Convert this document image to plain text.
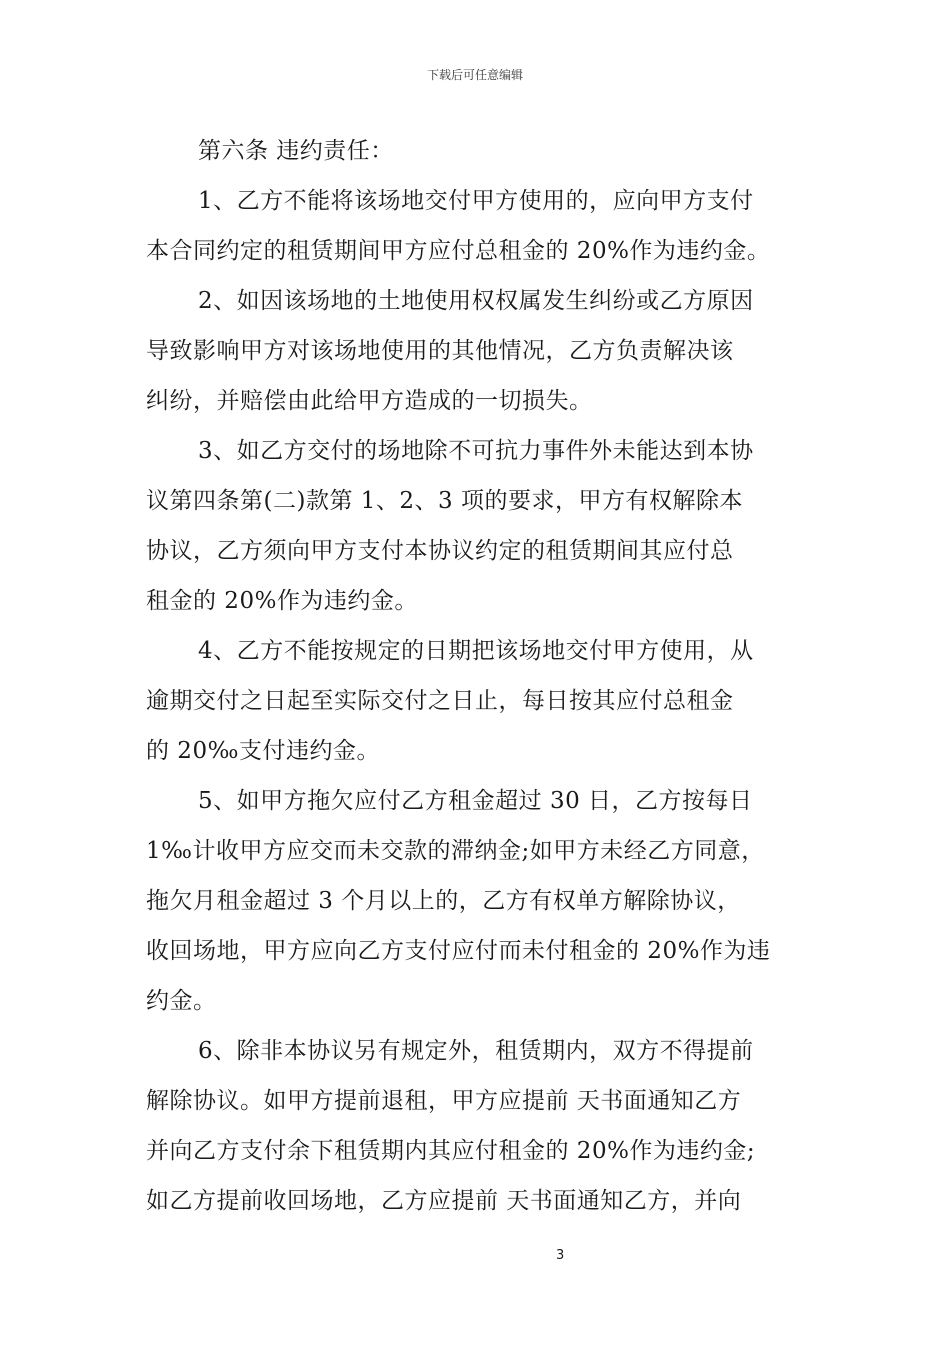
下载后可任意编辑
第六条 违约责任：
1、乙方不能将该场地交付甲方使用的，应向甲方支付
本合同约定的租赁期间甲方应付总租金的 20%作为违约金。
2、如因该场地的土地使用权权属发生纠纷或乙方原因
导致影响甲方对该场地使用的其他情况，乙方负责解决该
纠纷，并赔偿由此给甲方造成的一切损失。
3、如乙方交付的场地除不可抗力事件外未能达到本协
议第四条第(二)款第 1、2、3 项的要求，甲方有权解除本
协议，乙方须向甲方支付本协议约定的租赁期间其应付总
租金的 20%作为违约金。
4、乙方不能按规定的日期把该场地交付甲方使用，从
逾期交付之日起至实际交付之日止，每日按其应付总租金
的 20‰支付违约金。
5、如甲方拖欠应付乙方租金超过 30 日，乙方按每日
1‰计收甲方应交而未交款的滞纳金;如甲方未经乙方同意，
拖欠月租金超过 3 个月以上的，乙方有权单方解除协议，
收回场地，甲方应向乙方支付应付而未付租金的 20%作为违
约金。
6、除非本协议另有规定外，租赁期内，双方不得提前
解除协议。如甲方提前退租，甲方应提前 天书面通知乙方
并向乙方支付余下租赁期内其应付租金的 20%作为违约金;
如乙方提前收回场地，乙方应提前 天书面通知乙方，并向
3
